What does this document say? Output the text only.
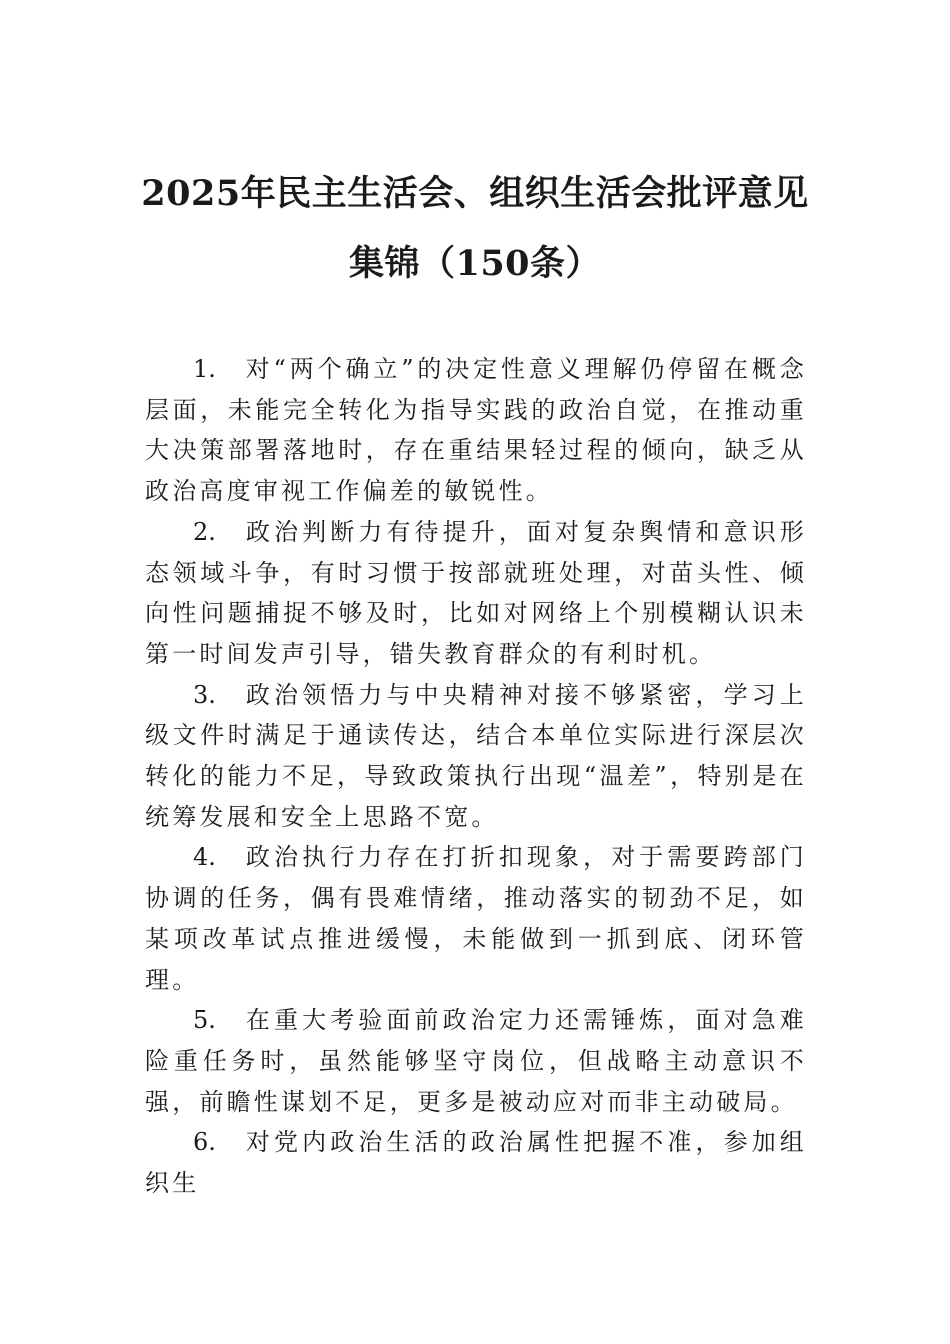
2025年民主生活会、组织生活会批评意见
集锦（150条）

1. 对“两个确立”的决定性意义理解仍停留在概念层面，未能完全转化为指导实践的政治自觉，在推动重大决策部署落地时，存在重结果轻过程的倾向，缺乏从政治高度审视工作偏差的敏锐性。

2. 政治判断力有待提升，面对复杂舆情和意识形态领域斗争，有时习惯于按部就班处理，对苗头性、倾向性问题捕捉不够及时，比如对网络上个别模糊认识未第一时间发声引导，错失教育群众的有利时机。

3. 政治领悟力与中央精神对接不够紧密，学习上级文件时满足于通读传达，结合本单位实际进行深层次转化的能力不足，导致政策执行出现“温差”，特别是在统筹发展和安全上思路不宽。

4. 政治执行力存在打折扣现象，对于需要跨部门协调的任务，偶有畏难情绪，推动落实的韧劲不足，如某项改革试点推进缓慢，未能做到一抓到底、闭环管理。

5. 在重大考验面前政治定力还需锤炼，面对急难险重任务时，虽然能够坚守岗位，但战略主动意识不强，前瞻性谋划不足，更多是被动应对而非主动破局。

6. 对党内政治生活的政治属性把握不准，参加组织生
